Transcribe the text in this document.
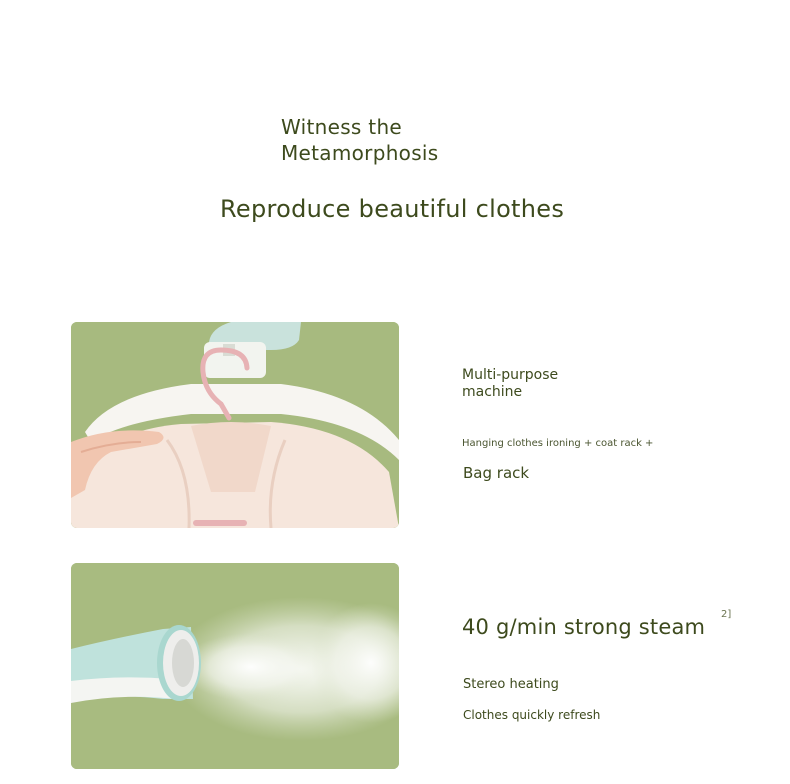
Witness the
Metamorphosis
Reproduce beautiful clothes
Multi-purpose
machine
Hanging clothes ironing + coat rack +
Bag rack
40 g/min strong steam
2]
Stereo heating
Clothes quickly refresh
